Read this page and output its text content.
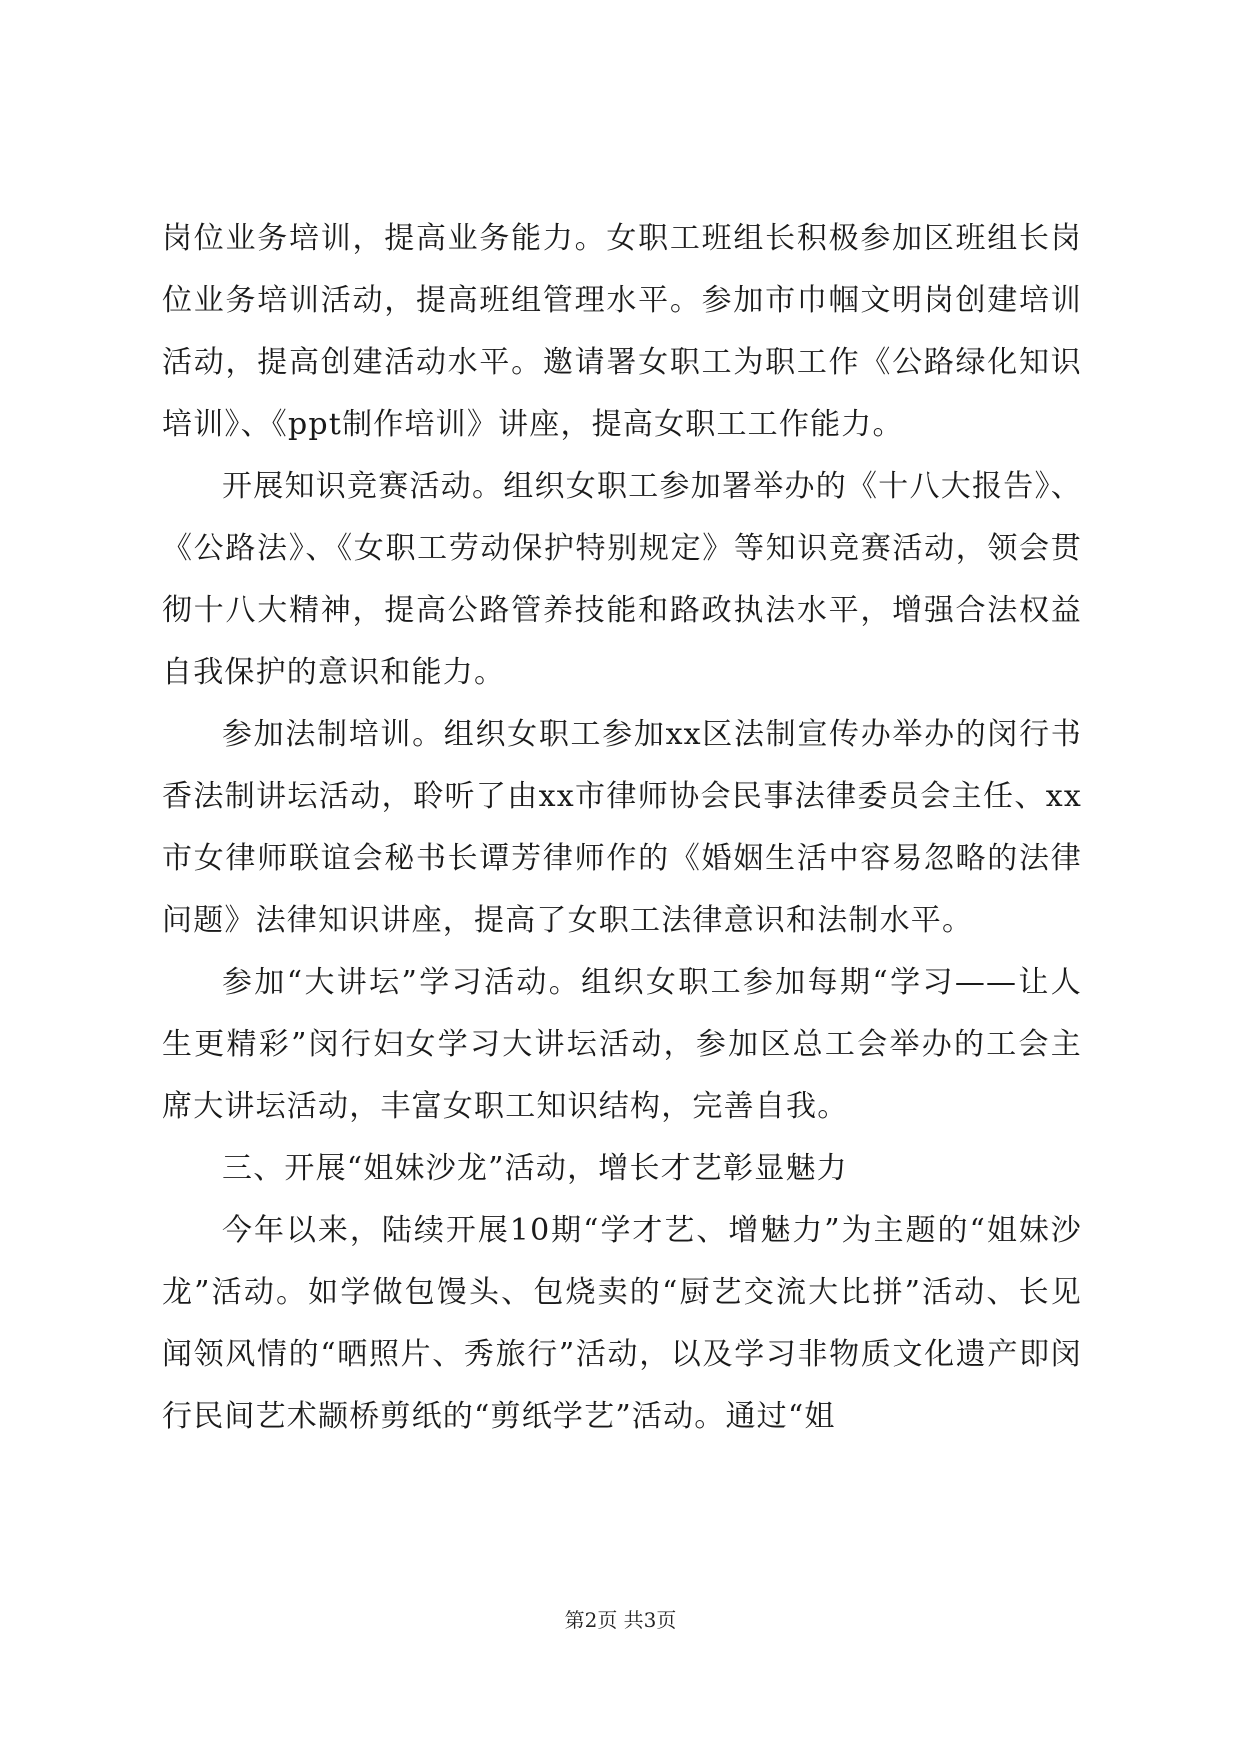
岗位业务培训，提高业务能力。女职工班组长积极参加区班组长岗位业务培训活动，提高班组管理水平。参加市巾帼文明岗创建培训活动，提高创建活动水平。邀请署女职工为职工作《公路绿化知识培训》、《ppt制作培训》讲座，提高女职工工作能力。

开展知识竞赛活动。组织女职工参加署举办的《十八大报告》、《公路法》、《女职工劳动保护特别规定》等知识竞赛活动，领会贯彻十八大精神，提高公路管养技能和路政执法水平，增强合法权益自我保护的意识和能力。

参加法制培训。组织女职工参加xx区法制宣传办举办的闵行书香法制讲坛活动，聆听了由xx市律师协会民事法律委员会主任、xx市女律师联谊会秘书长谭芳律师作的《婚姻生活中容易忽略的法律问题》法律知识讲座，提高了女职工法律意识和法制水平。

参加“大讲坛”学习活动。组织女职工参加每期“学习——让人生更精彩”闵行妇女学习大讲坛活动，参加区总工会举办的工会主席大讲坛活动，丰富女职工知识结构，完善自我。

三、开展“姐妹沙龙”活动，增长才艺彰显魅力

今年以来，陆续开展10期“学才艺、增魅力”为主题的“姐妹沙龙”活动。如学做包馒头、包烧卖的“厨艺交流大比拼”活动、长见闻领风情的“晒照片、秀旅行”活动，以及学习非物质文化遗产即闵行民间艺术颛桥剪纸的“剪纸学艺”活动。通过“姐

第2页 共3页
